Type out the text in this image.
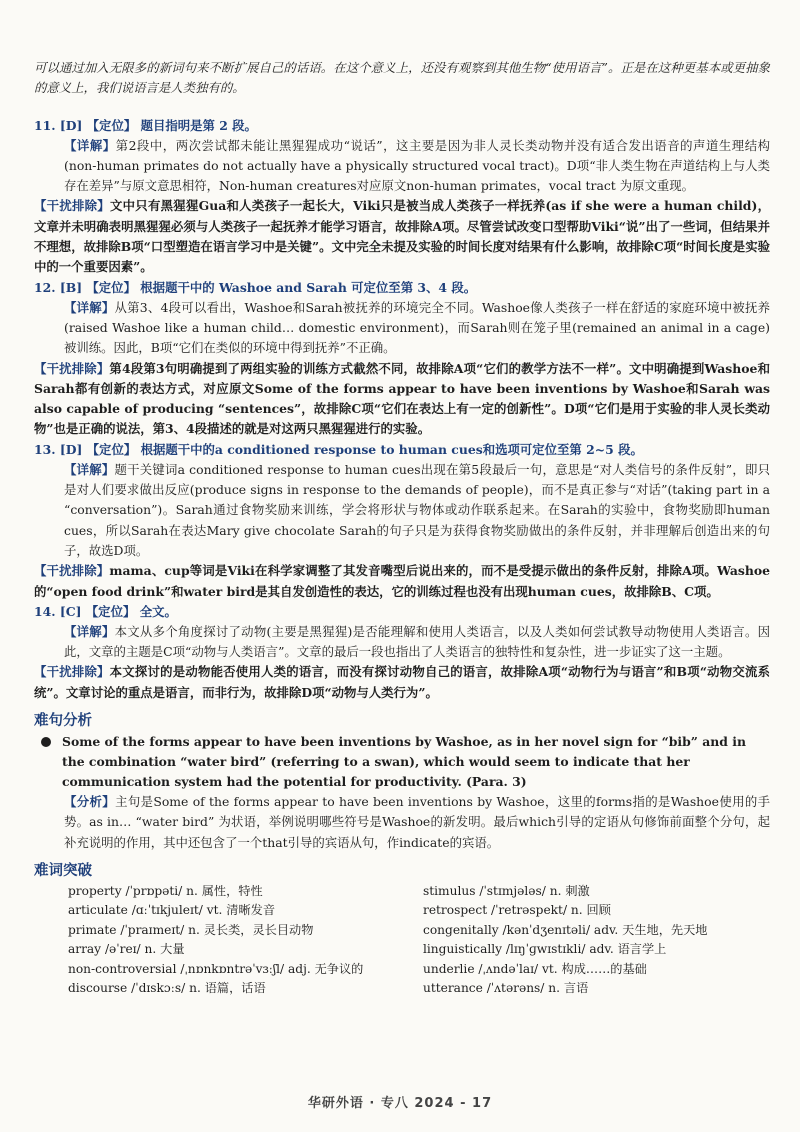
可以通过加入无限多的新词句来不断扩展自己的话语。在这个意义上，还没有观察到其他生物“使用语言”。正是在这种更基本或更抽象的意义上，我们说语言是人类独有的。

11. [D] 【定位】 题目指明是第 2 段。

【详解】第2段中，两次尝试都未能让黑猩猩成功“说话”，这主要是因为非人灵长类动物并没有适合发出语音的声道生理结构(non-human primates do not actually have a physically structured vocal tract)。D项“非人类生物在声道结构上与人类存在差异”与原文意思相符，Non-human creatures对应原文non-human primates，vocal tract 为原文重现。

【干扰排除】文中只有黑猩猩Gua和人类孩子一起长大，Viki只是被当成人类孩子一样抚养(as if she were a human child)，文章并未明确表明黑猩猩必须与人类孩子一起抚养才能学习语言，故排除A项。尽管尝试改变口型帮助Viki“说”出了一些词，但结果并不理想，故排除B项“口型塑造在语言学习中是关键”。文中完全未提及实验的时间长度对结果有什么影响，故排除C项“时间长度是实验中的一个重要因素”。

12. [B] 【定位】 根据题干中的 Washoe and Sarah 可定位至第 3、4 段。

【详解】从第3、4段可以看出，Washoe和Sarah被抚养的环境完全不同。Washoe像人类孩子一样在舒适的家庭环境中被抚养(raised Washoe like a human child… domestic environment)，而Sarah则在笼子里(remained an animal in a cage)被训练。因此，B项“它们在类似的环境中得到抚养”不正确。

【干扰排除】第4段第3句明确提到了两组实验的训练方式截然不同，故排除A项“它们的教学方法不一样”。文中明确提到Washoe和Sarah都有创新的表达方式，对应原文Some of the forms appear to have been inventions by Washoe和Sarah was also capable of producing “sentences”，故排除C项“它们在表达上有一定的创新性”。D项“它们是用于实验的非人灵长类动物”也是正确的说法，第3、4段描述的就是对这两只黑猩猩进行的实验。

13. [D] 【定位】 根据题干中的a conditioned response to human cues和选项可定位至第 2~5 段。

【详解】题干关键词a conditioned response to human cues出现在第5段最后一句，意思是“对人类信号的条件反射”，即只是对人们要求做出反应(produce signs in response to the demands of people)，而不是真正参与“对话”(taking part in a “conversation”)。Sarah通过食物奖励来训练，学会将形状与物体或动作联系起来。在Sarah的实验中，食物奖励即human cues，所以Sarah在表达Mary give chocolate Sarah的句子只是为获得食物奖励做出的条件反射，并非理解后创造出来的句子，故选D项。

【干扰排除】mama、cup等词是Viki在科学家调整了其发音嘴型后说出来的，而不是受提示做出的条件反射，排除A项。Washoe的“open food drink”和water bird是其自发创造性的表达，它的训练过程也没有出现human cues，故排除B、C项。

14. [C] 【定位】 全文。

【详解】本文从多个角度探讨了动物(主要是黑猩猩)是否能理解和使用人类语言，以及人类如何尝试教导动物使用人类语言。因此，文章的主题是C项“动物与人类语言”。文章的最后一段也指出了人类语言的独特性和复杂性，进一步证实了这一主题。

【干扰排除】本文探讨的是动物能否使用人类的语言，而没有探讨动物自己的语言，故排除A项“动物行为与语言”和B项“动物交流系统”。文章讨论的重点是语言，而非行为，故排除D项“动物与人类行为”。

难句分析
Some of the forms appear to have been inventions by Washoe, as in her novel sign for “bib” and in the combination “water bird” (referring to a swan), which would seem to indicate that her communication system had the potential for productivity. (Para. 3)

【分析】主句是Some of the forms appear to have been inventions by Washoe，这里的forms指的是Washoe使用的手势。as in… “water bird” 为状语，举例说明哪些符号是Washoe的新发明。最后which引导的定语从句修饰前面整个分句，起补充说明的作用，其中还包含了一个that引导的宾语从句，作indicate的宾语。

难词突破
property /ˈprɒpəti/ n. 属性，特性	stimulus /ˈstɪmjələs/ n. 刺激
articulate /ɑːˈtɪkjuleɪt/ vt. 清晰发音	retrospect /ˈretrəspekt/ n. 回顾
primate /ˈpraɪmeɪt/ n. 灵长类，灵长目动物	congenitally /kənˈdʒenɪtəli/ adv. 天生地，先天地
array /əˈreɪ/ n. 大量	linguistically /lɪŋˈɡwɪstɪkli/ adv. 语言学上
non-controversial /ˌnɒnkɒntrəˈvɜːʃl/ adj. 无争议的	underlie /ˌʌndəˈlaɪ/ vt. 构成……的基础
discourse /ˈdɪskɔːs/ n. 语篇，话语	utterance /ˈʌtərəns/ n. 言语
华研外语 · 专八 2024 - 17
